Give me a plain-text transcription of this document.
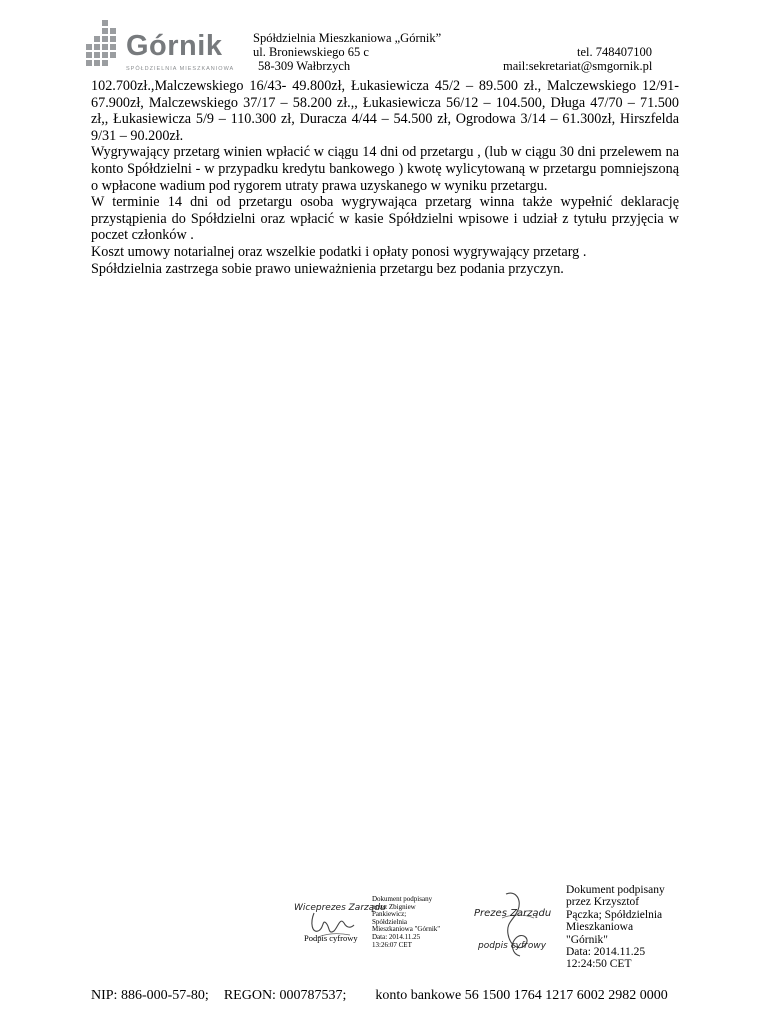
Górnik
SPÓŁDZIELNIA MIESZKANIOWA
Spółdzielnia Mieszkaniowa „Górnik”
ul. Broniewskiego 65 c
58-309 Wałbrzych
tel. 748407100
mail:sekretariat@smgornik.pl

102.700zł.,Malczewskiego 16/43- 49.800zł, Łukasiewicza 45/2 – 89.500 zł., Malczewskiego 12/91-67.900zł, Malczewskiego 37/17 – 58.200 zł.,, Łukasiewicza 56/12 – 104.500, Długa 47/70 – 71.500 zł,, Łukasiewicza 5/9 – 110.300 zł, Duracza 4/44 – 54.500 zł, Ogrodowa 3/14 – 61.300zł, Hirszfelda 9/31 – 90.200zł.

Wygrywający przetarg winien wpłacić w ciągu 14 dni od przetargu , (lub w ciągu 30 dni przelewem na konto Spółdzielni - w przypadku kredytu bankowego ) kwotę wylicytowaną w przetargu pomniejszoną o wpłacone wadium pod rygorem utraty prawa uzyskanego w wyniku przetargu.

W terminie 14 dni od przetargu osoba wygrywająca przetarg winna także wypełnić deklarację przystąpienia do Spółdzielni oraz wpłacić w kasie Spółdzielni wpisowe i udział z tytułu przyjęcia w poczet członków .

Koszt umowy notarialnej oraz wszelkie podatki i opłaty ponosi wygrywający przetarg .

Spółdzielnia zastrzega sobie prawo unieważnienia przetargu bez podania przyczyn.

Wiceprezes Zarządu
Podpis cyfrowy
Dokument podpisany
przez Zbigniew
Pankiewicz;
Spółdzielnia
Mieszkaniowa "Górnik"
Data: 2014.11.25
13:26:07 CET
Prezes Zarządu
podpis cyfrowy
Dokument podpisany
przez Krzysztof
Pączka; Spółdzielnia
Mieszkaniowa
"Górnik"
Data: 2014.11.25
12:24:50 CET
NIP: 886-000-57-80; REGON: 000787537; konto bankowe 56 1500 1764 1217 6002 2982 0000
